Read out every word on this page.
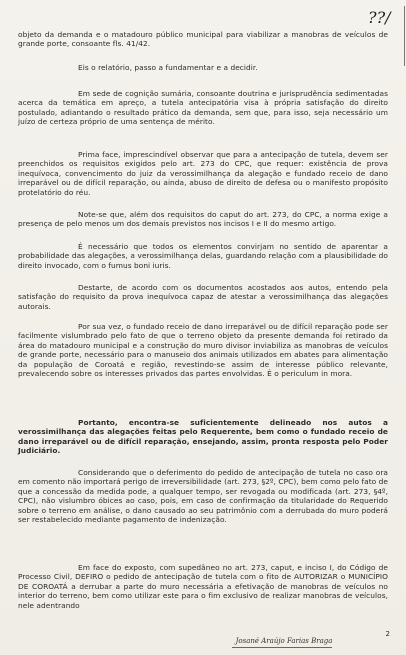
??/

objeto da demanda e o matadouro público municipal para viabilizar a manobras de veículos de grande porte, consoante fls. 41/42.

Eis o relatório, passo a fundamentar e a decidir.

Em sede de cognição sumária, consoante doutrina e jurisprudência sedimentadas acerca da temática em apreço, a tutela antecipatória visa à própria satisfação do direito postulado, adiantando o resultado prático da demanda, sem que, para isso, seja necessário um juízo de certeza próprio de uma sentença de mérito.

Prima face, imprescindível observar que para a antecipação de tutela, devem ser preenchidos os requisitos exigidos pelo art. 273 do CPC, que requer: existência de prova inequívoca, convencimento do juiz da verossimilhança da alegação e fundado receio de dano irreparável ou de difícil reparação, ou ainda, abuso de direito de defesa ou o manifesto propósito protelatório do réu.

Note-se que, além dos requisitos do caput do art. 273, do CPC, a norma exige a presença de pelo menos um dos demais previstos nos incisos I e II do mesmo artigo.

É necessário que todos os elementos convirjam no sentido de aparentar a probabilidade das alegações, a verossimilhança delas, guardando relação com a plausibilidade do direito invocado, com o fumus boni iuris.

Destarte, de acordo com os documentos acostados aos autos, entendo pela satisfação do requisito da prova inequívoca capaz de atestar a verossimilhança das alegações autorais.

Por sua vez, o fundado receio de dano irreparável ou de difícil reparação pode ser facilmente vislumbrado pelo fato de que o terreno objeto da presente demanda foi retirado da área do matadouro municipal e a construção do muro divisor inviabiliza as manobras de veículos de grande porte, necessário para o manuseio dos animais utilizados em abates para alimentação da população de Coroatá e região, revestindo-se assim de interesse público relevante, prevalecendo sobre os interesses privados das partes envolvidas. É o periculum in mora.

Portanto, encontra-se suficientemente delineado nos autos a verossimilhança das alegações feitas pelo Requerente, bem como o fundado receio de dano irreparável ou de difícil reparação, ensejando, assim, pronta resposta pelo Poder Judiciário.

Considerando que o deferimento do pedido de antecipação de tutela no caso ora em comento não importará perigo de irreversibilidade (art. 273, §2º, CPC), bem como pelo fato de que a concessão da medida pode, a qualquer tempo, ser revogada ou modificada (art. 273, §4º, CPC), não vislumbro óbices ao caso, pois, em caso de confirmação da titularidade do Requerido sobre o terreno em análise, o dano causado ao seu patrimônio com a derrubada do muro poderá ser restabelecido mediante pagamento de indenização.

Em face do exposto, com supedâneo no art. 273, caput, e inciso I, do Código de Processo Civil, DEFIRO o pedido de antecipação de tutela com o fito de AUTORIZAR o MUNICÍPIO DE COROATÁ a derrubar a parte do muro necessária a efetivação de manobras de veículos no interior do terreno, bem como utilizar este para o fim exclusivo de realizar manobras de veículos, nele adentrando

Josané Araújo Farias Braga
2
